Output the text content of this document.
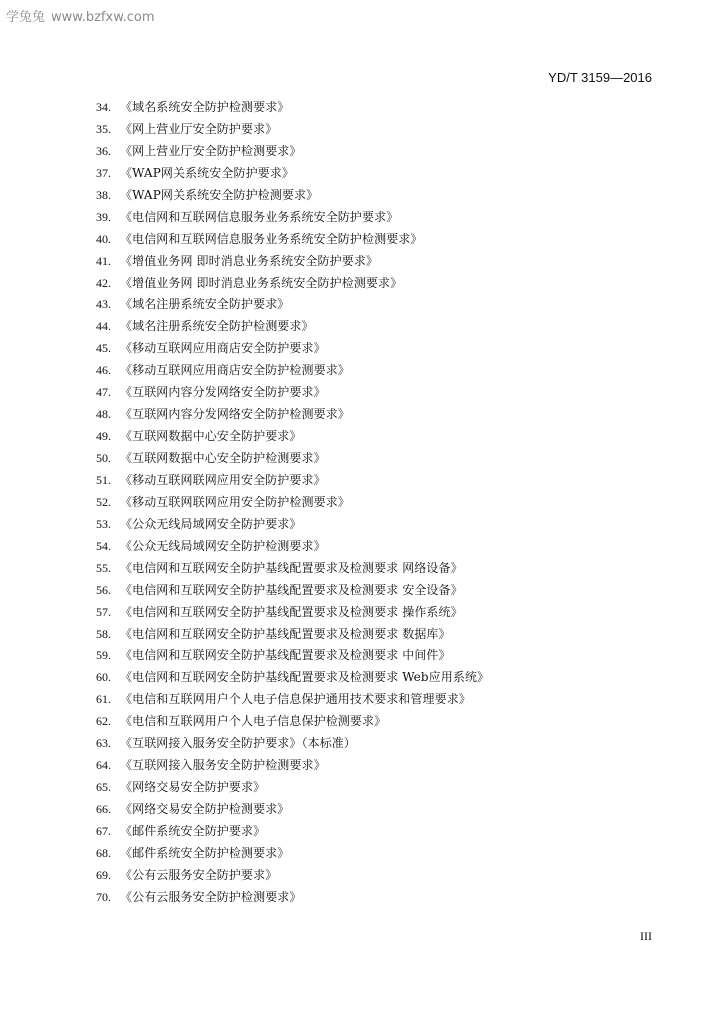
学兔兔 www.bzfxw.com
YD/T 3159—2016
34. 《域名系统安全防护检测要求》
35. 《网上营业厅安全防护要求》
36. 《网上营业厅安全防护检测要求》
37. 《WAP网关系统安全防护要求》
38. 《WAP网关系统安全防护检测要求》
39. 《电信网和互联网信息服务业务系统安全防护要求》
40. 《电信网和互联网信息服务业务系统安全防护检测要求》
41. 《增值业务网 即时消息业务系统安全防护要求》
42. 《增值业务网 即时消息业务系统安全防护检测要求》
43. 《域名注册系统安全防护要求》
44. 《域名注册系统安全防护检测要求》
45. 《移动互联网应用商店安全防护要求》
46. 《移动互联网应用商店安全防护检测要求》
47. 《互联网内容分发网络安全防护要求》
48. 《互联网内容分发网络安全防护检测要求》
49. 《互联网数据中心安全防护要求》
50. 《互联网数据中心安全防护检测要求》
51. 《移动互联网联网应用安全防护要求》
52. 《移动互联网联网应用安全防护检测要求》
53. 《公众无线局域网安全防护要求》
54. 《公众无线局域网安全防护检测要求》
55. 《电信网和互联网安全防护基线配置要求及检测要求 网络设备》
56. 《电信网和互联网安全防护基线配置要求及检测要求 安全设备》
57. 《电信网和互联网安全防护基线配置要求及检测要求 操作系统》
58. 《电信网和互联网安全防护基线配置要求及检测要求 数据库》
59. 《电信网和互联网安全防护基线配置要求及检测要求 中间件》
60. 《电信网和互联网安全防护基线配置要求及检测要求 Web应用系统》
61. 《电信和互联网用户个人电子信息保护通用技术要求和管理要求》
62. 《电信和互联网用户个人电子信息保护检测要求》
63. 《互联网接入服务安全防护要求》（本标准）
64. 《互联网接入服务安全防护检测要求》
65. 《网络交易安全防护要求》
66. 《网络交易安全防护检测要求》
67. 《邮件系统安全防护要求》
68. 《邮件系统安全防护检测要求》
69. 《公有云服务安全防护要求》
70. 《公有云服务安全防护检测要求》
III
